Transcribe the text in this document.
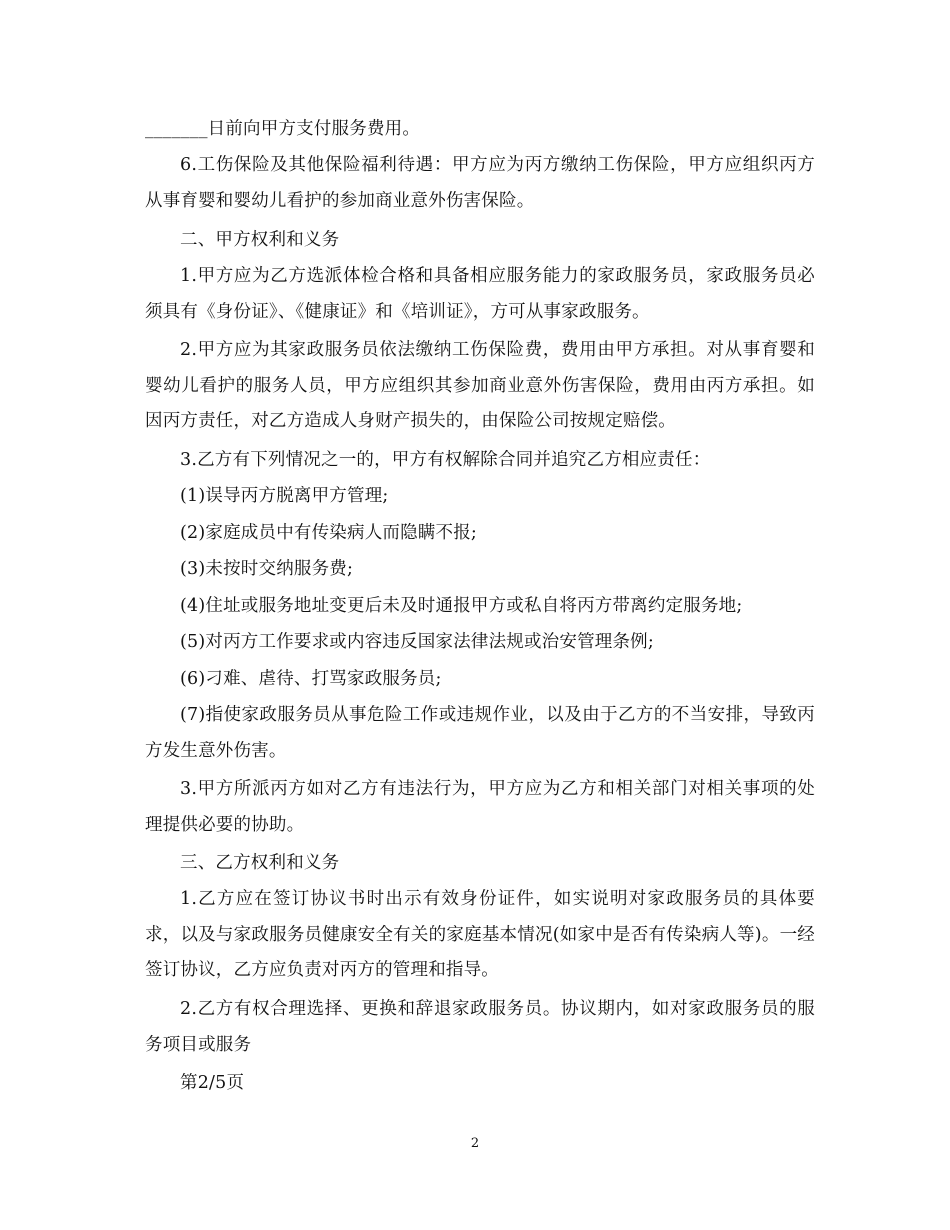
_______日前向甲方支付服务费用。

6.工伤保险及其他保险福利待遇：甲方应为丙方缴纳工伤保险，甲方应组织丙方从事育婴和婴幼儿看护的参加商业意外伤害保险。

二、甲方权利和义务

1.甲方应为乙方选派体检合格和具备相应服务能力的家政服务员，家政服务员必须具有《身份证》、《健康证》和《培训证》，方可从事家政服务。

2.甲方应为其家政服务员依法缴纳工伤保险费，费用由甲方承担。对从事育婴和婴幼儿看护的服务人员，甲方应组织其参加商业意外伤害保险，费用由丙方承担。如因丙方责任，对乙方造成人身财产损失的，由保险公司按规定赔偿。

3.乙方有下列情况之一的，甲方有权解除合同并追究乙方相应责任：

(1)误导丙方脱离甲方管理;

(2)家庭成员中有传染病人而隐瞒不报;

(3)未按时交纳服务费;

(4)住址或服务地址变更后未及时通报甲方或私自将丙方带离约定服务地;

(5)对丙方工作要求或内容违反国家法律法规或治安管理条例;

(6)刁难、虐待、打骂家政服务员;

(7)指使家政服务员从事危险工作或违规作业，以及由于乙方的不当安排，导致丙方发生意外伤害。

3.甲方所派丙方如对乙方有违法行为，甲方应为乙方和相关部门对相关事项的处理提供必要的协助。

三、乙方权利和义务

1.乙方应在签订协议书时出示有效身份证件，如实说明对家政服务员的具体要求，以及与家政服务员健康安全有关的家庭基本情况(如家中是否有传染病人等)。一经签订协议，乙方应负责对丙方的管理和指导。

2.乙方有权合理选择、更换和辞退家政服务员。协议期内，如对家政服务员的服务项目或服务

第2/5页

2
